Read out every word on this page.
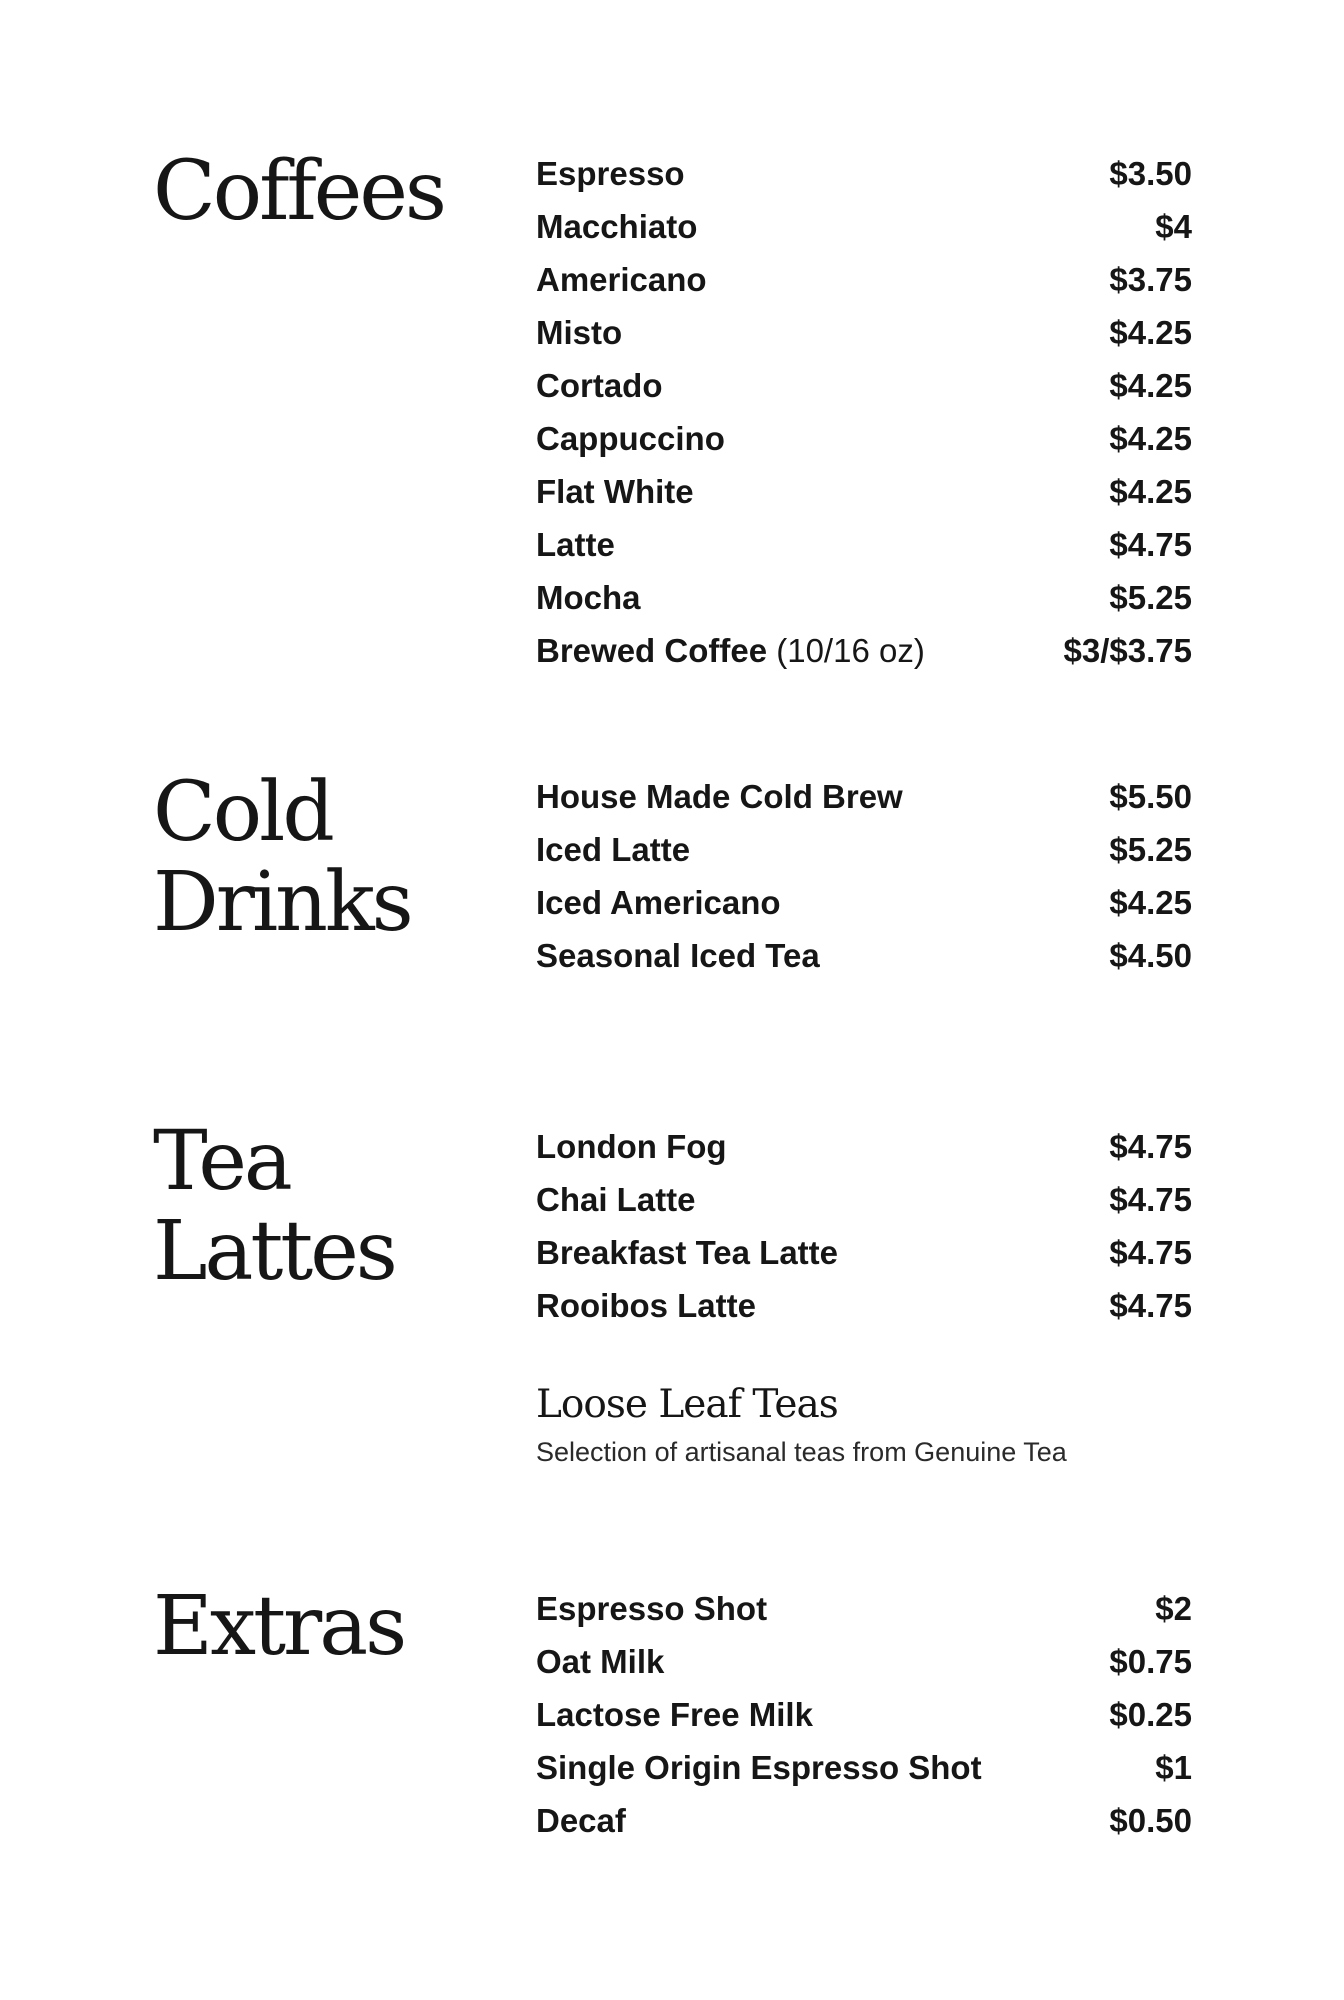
Coffees	Espresso	$3.50
Macchiato	$4
Americano	$3.75
Misto	$4.25
Cortado	$4.25
Cappuccino	$4.25
Flat White	$4.25
Latte	$4.75
Mocha	$5.25
Brewed Coffee (10/16 oz)	$3/$3.75
Cold
Drinks
House Made Cold Brew	$5.50
Iced Latte	$5.25
Iced Americano	$4.25
Seasonal Iced Tea	$4.50
Tea
Lattes
London Fog	$4.75
Chai Latte	$4.75
Breakfast Tea Latte	$4.75
Rooibos Latte	$4.75
Loose Leaf Teas

Selection of artisanal teas from Genuine Tea

Extras	Espresso Shot	$2
Oat Milk	$0.75
Lactose Free Milk	$0.25
Single Origin Espresso Shot	$1
Decaf	$0.50
